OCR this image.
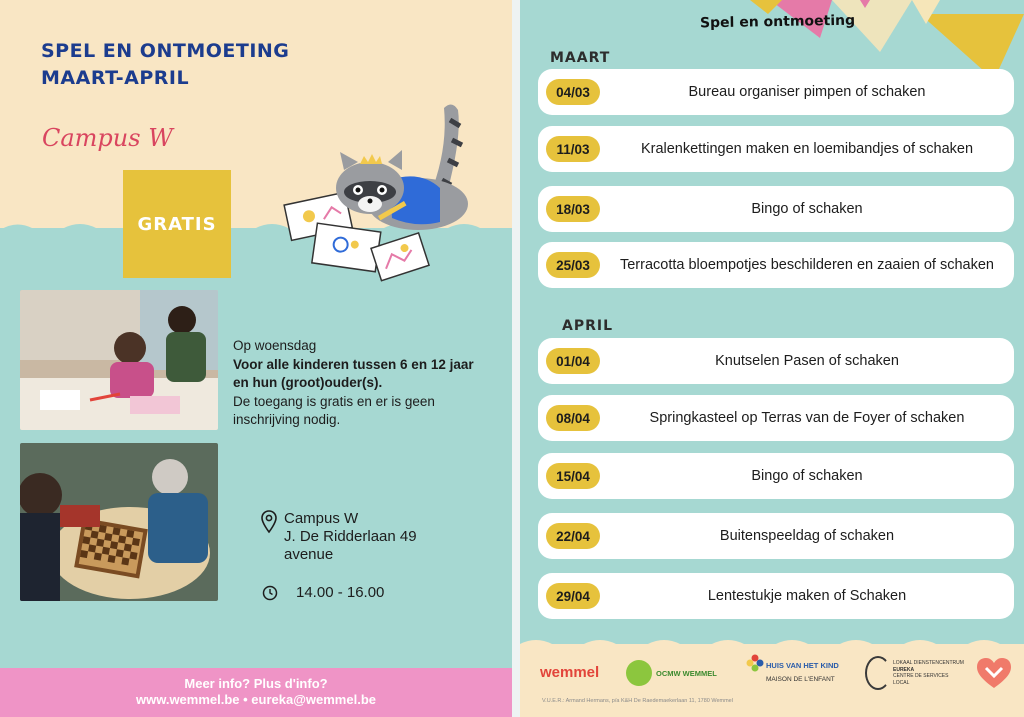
SPEL EN ONTMOETING
MAART-APRIL
Campus W
GRATIS
Op woensdag
Voor alle kinderen tussen 6 en 12 jaar
en hun (groot)ouder(s).
De toegang is gratis en er is geen
inschrijving nodig.
Campus W
J. De Ridderlaan 49
avenue
14.00 - 16.00
Meer info? Plus d'info?
www.wemmel.be • eureka@wemmel.be
Spel en ontmoeting
MAART
04/03	Bureau organiser pimpen of schaken
11/03	Kralenkettingen maken en loemibandjes of schaken
18/03	Bingo of schaken
25/03	Terracotta bloempotjes beschilderen en zaaien of schaken
APRIL
01/04	Knutselen Pasen of schaken
08/04	Springkasteel op Terras van de Foyer of schaken
15/04	Bingo of schaken
22/04	Buitenspeeldag of schaken
29/04	Lentestukje maken of Schaken
wemmel	OCMW WEMMEL
HUIS VAN HET KIND
MAISON DE L'ENFANT
LOKAAL DIENSTENCENTRUM
EUREKA
CENTRE DE SERVICES LOCAL
V.U.E.R.: Armand Hermans, p/a K&H De Raedemaekerlaan 11, 1780 Wemmel
